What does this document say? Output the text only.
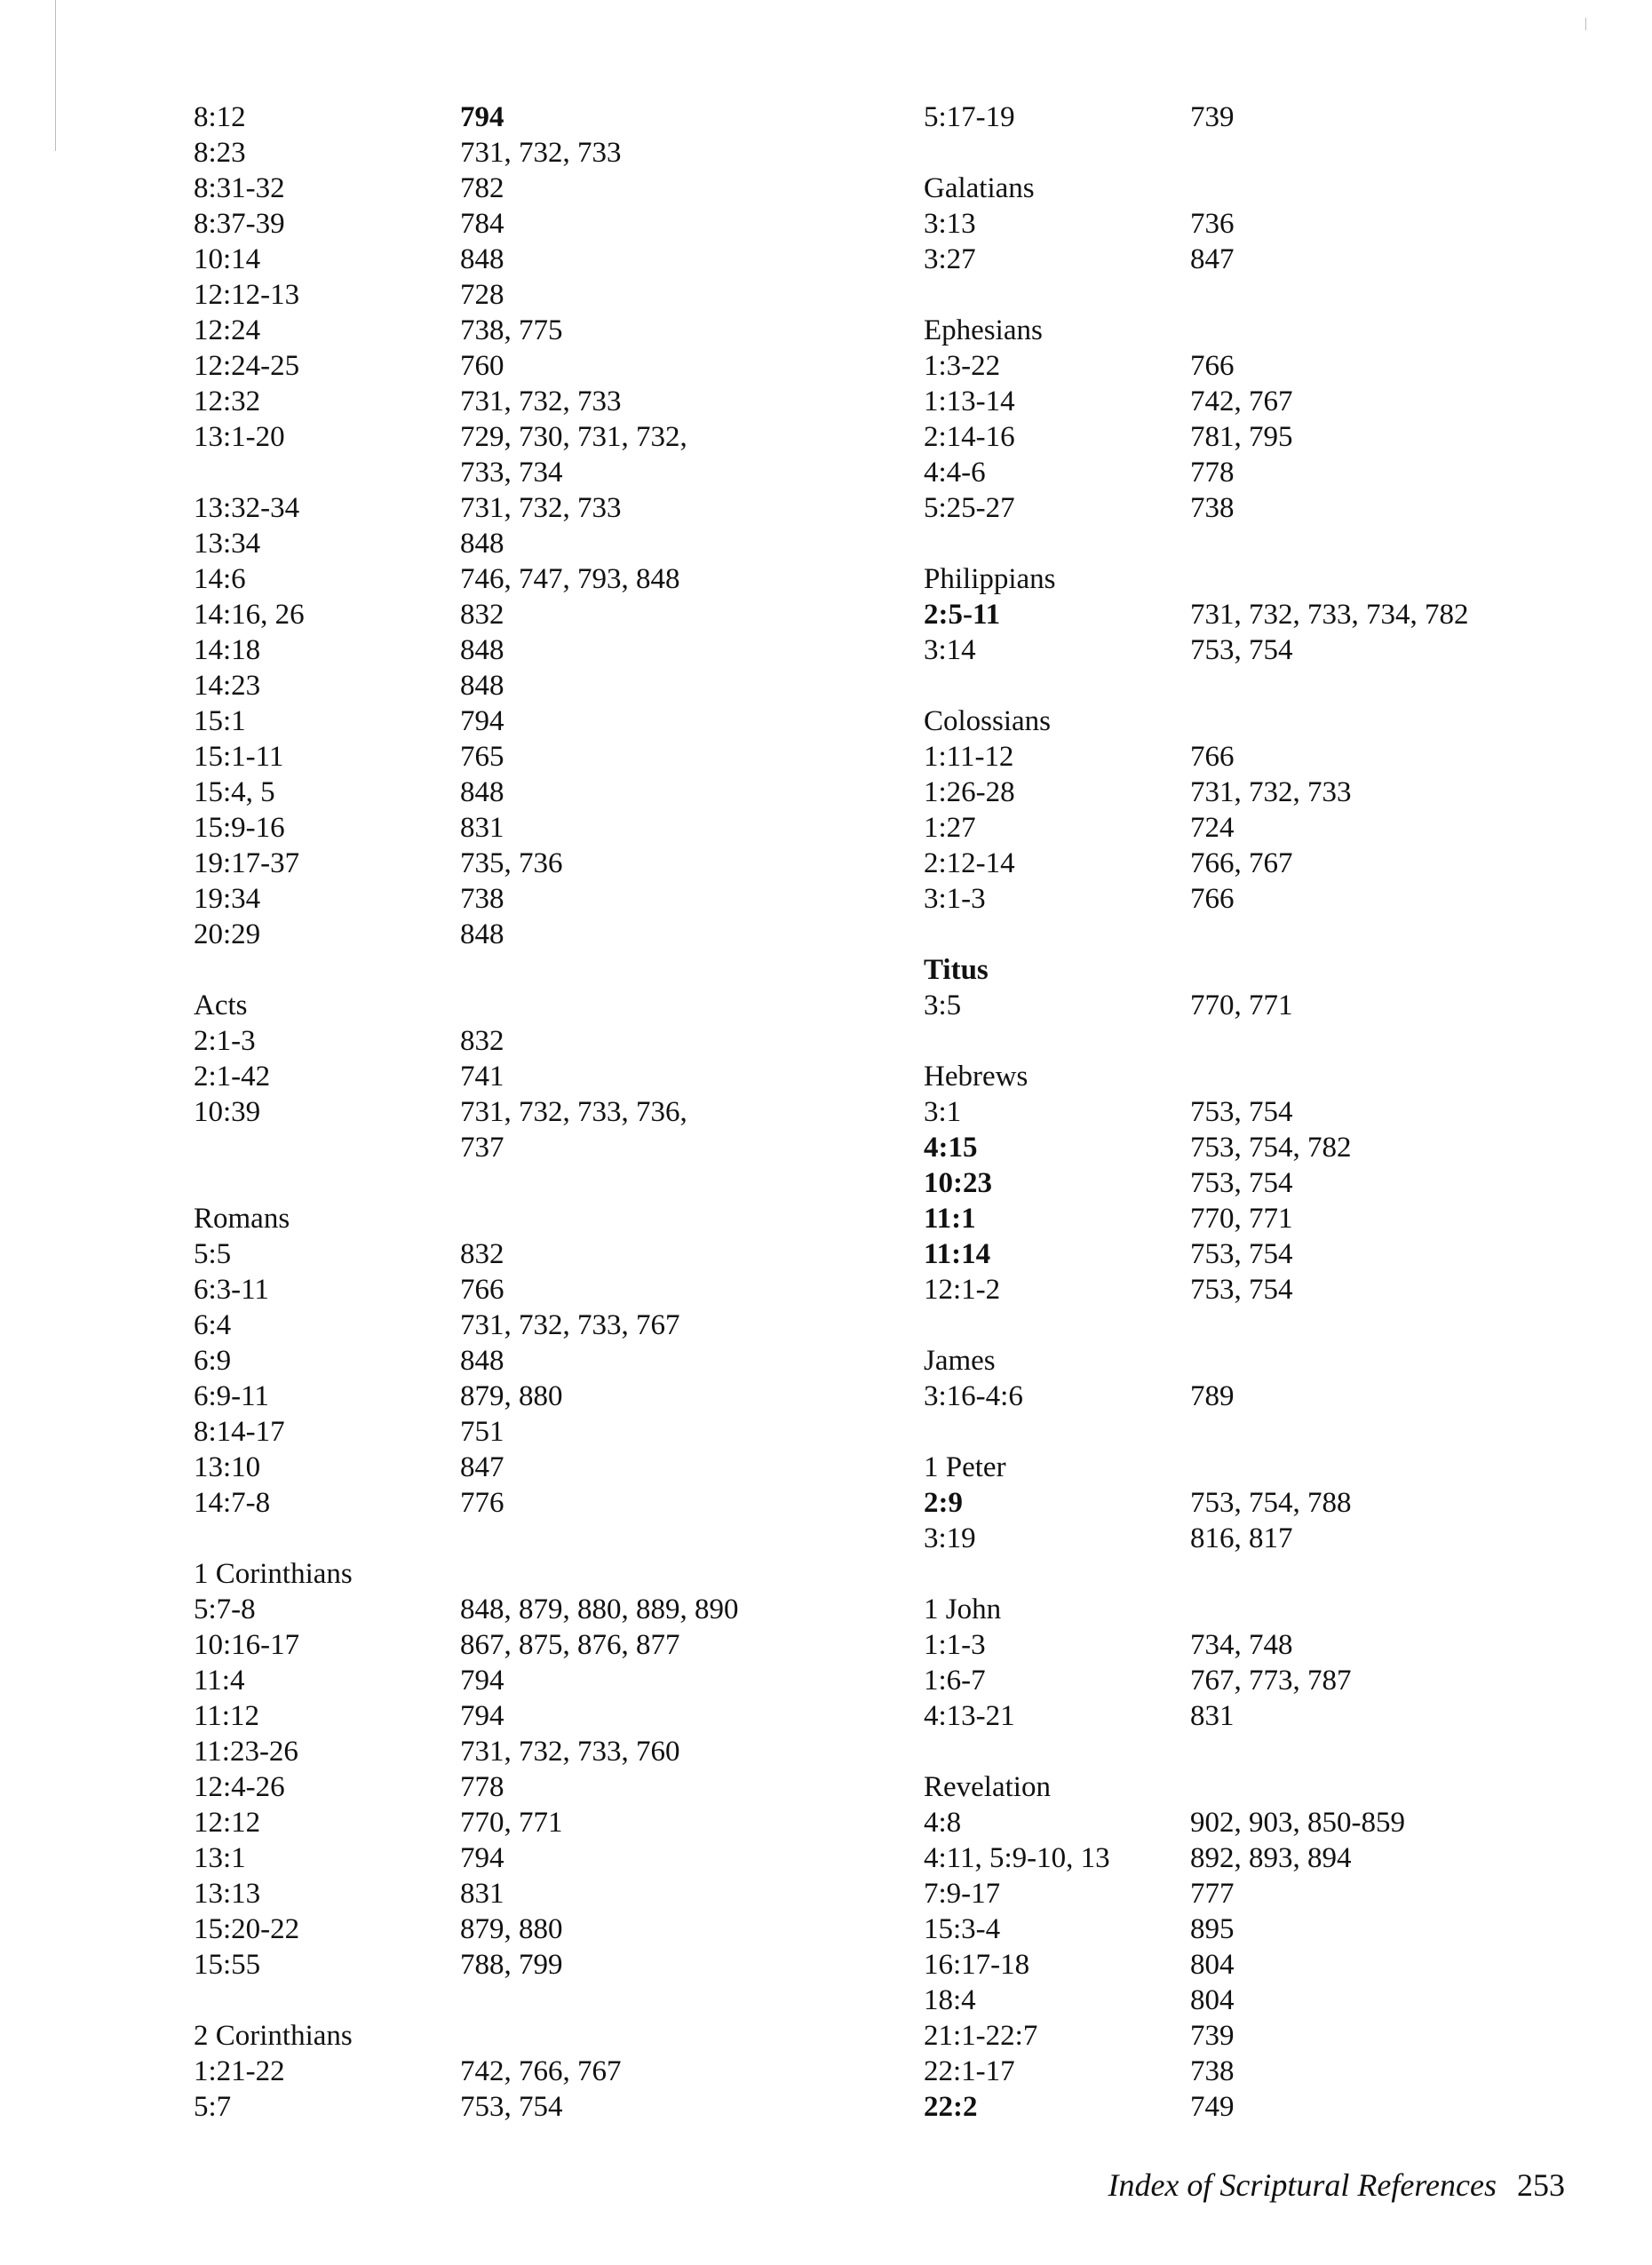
8:12	794
8:23	731, 732, 733
8:31-32	782
8:37-39	784
10:14	848
12:12-13	728
12:24	738, 775
12:24-25	760
12:32	731, 732, 733
13:1-20	729, 730, 731, 732,
733, 734
13:32-34	731, 732, 733
13:34	848
14:6	746, 747, 793, 848
14:16, 26	832
14:18	848
14:23	848
15:1	794
15:1-11	765
15:4, 5	848
15:9-16	831
19:17-37	735, 736
19:34	738
20:29	848
Acts
2:1-3	832
2:1-42	741
10:39	731, 732, 733, 736,
737
Romans
5:5	832
6:3-11	766
6:4	731, 732, 733, 767
6:9	848
6:9-11	879, 880
8:14-17	751
13:10	847
14:7-8	776
1 Corinthians
5:7-8	848, 879, 880, 889, 890
10:16-17	867, 875, 876, 877
11:4	794
11:12	794
11:23-26	731, 732, 733, 760
12:4-26	778
12:12	770, 771
13:1	794
13:13	831
15:20-22	879, 880
15:55	788, 799
2 Corinthians
1:21-22	742, 766, 767
5:7	753, 754
5:17-19	739
Galatians
3:13	736
3:27	847
Ephesians
1:3-22	766
1:13-14	742, 767
2:14-16	781, 795
4:4-6	778
5:25-27	738
Philippians
2:5-11	731, 732, 733, 734, 782
3:14	753, 754
Colossians
1:11-12	766
1:26-28	731, 732, 733
1:27	724
2:12-14	766, 767
3:1-3	766
Titus
3:5	770, 771
Hebrews
3:1	753, 754
4:15	753, 754, 782
10:23	753, 754
11:1	770, 771
11:14	753, 754
12:1-2	753, 754
James
3:16-4:6	789
1 Peter
2:9	753, 754, 788
3:19	816, 817
1 John
1:1-3	734, 748
1:6-7	767, 773, 787
4:13-21	831
Revelation
4:8	902, 903, 850-859
4:11, 5:9-10, 13	892, 893, 894
7:9-17	777
15:3-4	895
16:17-18	804
18:4	804
21:1-22:7	739
22:1-17	738
22:2	749
Index of Scriptural References 253
